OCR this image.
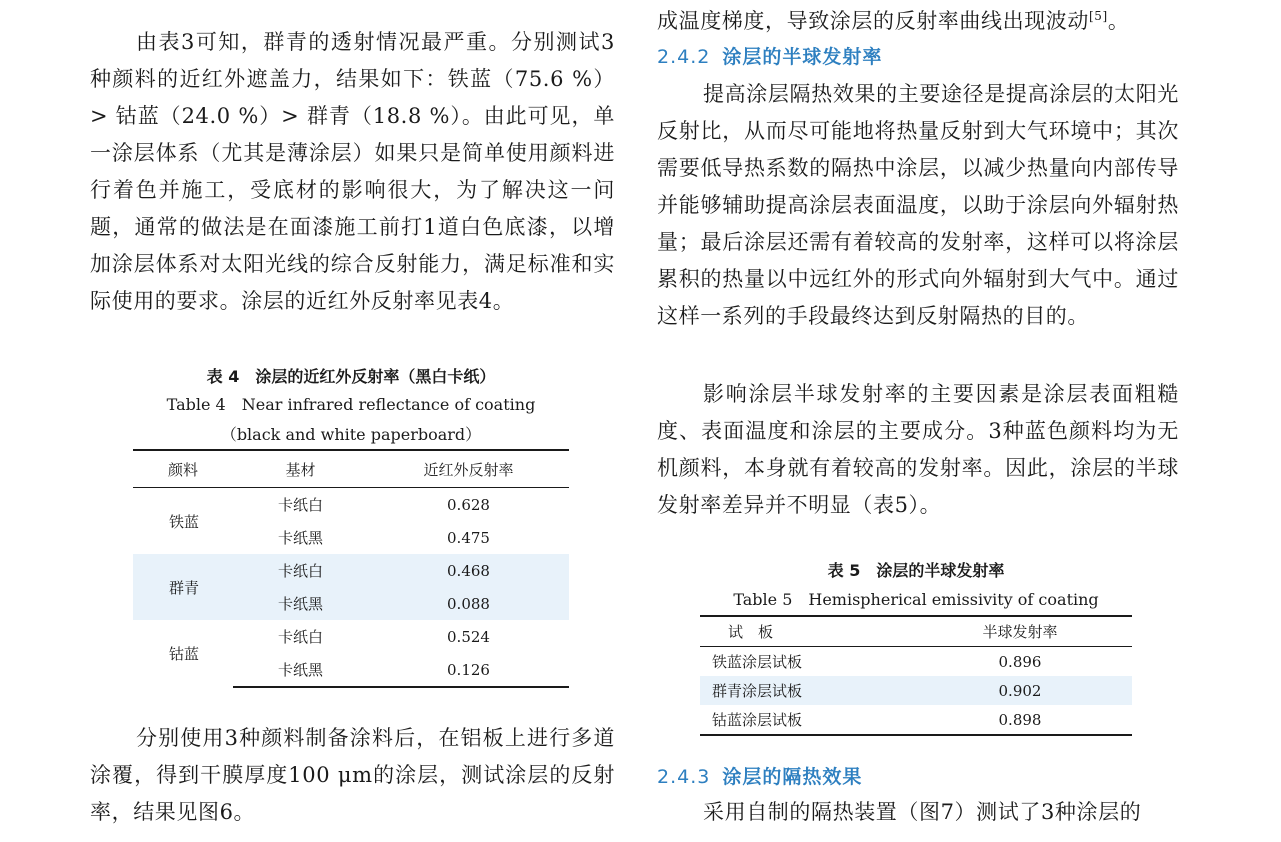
由表3可知，群青的透射情况最严重。分别测试3种颜料的近红外遮盖力，结果如下：铁蓝（75.6 %）> 钴蓝（24.0 %）> 群青（18.8 %）。由此可见，单一涂层体系（尤其是薄涂层）如果只是简单使用颜料进行着色并施工，受底材的影响很大，为了解决这一问题，通常的做法是在面漆施工前打1道白色底漆，以增加涂层体系对太阳光线的综合反射能力，满足标准和实际使用的要求。涂层的近红外反射率见表4。

表 4　涂层的近红外反射率（黑白卡纸）

Table 4　Near infrared reflectance of coating

（black and white paperboard）

颜料	基材	近红外反射率
铁蓝	卡纸白	0.628
	卡纸黑	0.475
群青	卡纸白	0.468
	卡纸黑	0.088
钴蓝	卡纸白	0.524
	卡纸黑	0.126

分别使用3种颜料制备涂料后，在铝板上进行多道涂覆，得到干膜厚度100 μm的涂层，测试涂层的反射率，结果见图6。

成温度梯度，导致涂层的反射率曲线出现波动[5]。

2.4.2 涂层的半球发射率

提高涂层隔热效果的主要途径是提高涂层的太阳光反射比，从而尽可能地将热量反射到大气环境中；其次需要低导热系数的隔热中涂层，以减少热量向内部传导并能够辅助提高涂层表面温度，以助于涂层向外辐射热量；最后涂层还需有着较高的发射率，这样可以将涂层累积的热量以中远红外的形式向外辐射到大气中。通过这样一系列的手段最终达到反射隔热的目的。

影响涂层半球发射率的主要因素是涂层表面粗糙度、表面温度和涂层的主要成分。3种蓝色颜料均为无机颜料，本身就有着较高的发射率。因此，涂层的半球发射率差异并不明显（表5）。

表 5　涂层的半球发射率

Table 5　Hemispherical emissivity of coating

试　板	半球发射率
铁蓝涂层试板	0.896
群青涂层试板	0.902
钴蓝涂层试板	0.898

2.4.3 涂层的隔热效果

采用自制的隔热装置（图7）测试了3种涂层的
